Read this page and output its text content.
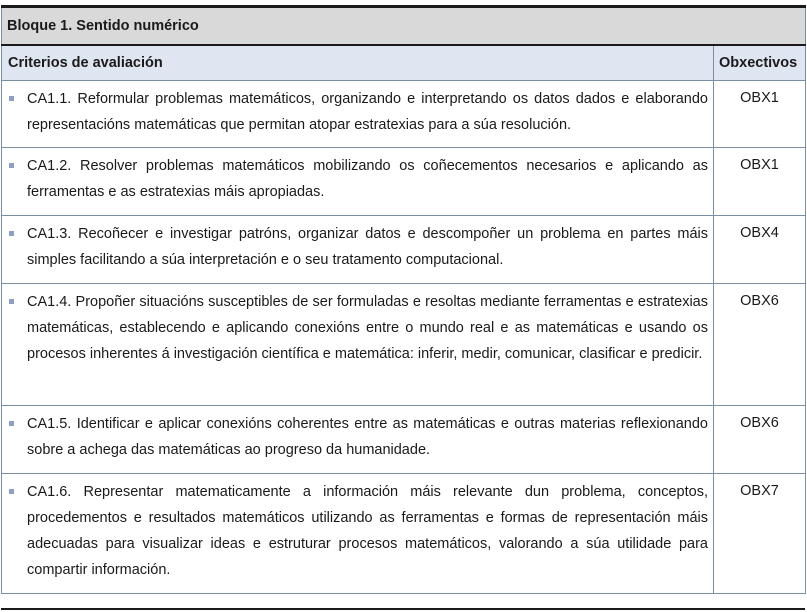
Bloque 1. Sentido numérico	
Criterios de avaliación	Obxectivos

CA1.1. Reformular problemas matemáticos, organizando e interpretando os datos dados e elaborando representacións matemáticas que permitan atopar estratexias para a súa resolución.	OBX1

CA1.2. Resolver problemas matemáticos mobilizando os coñecementos necesarios e aplicando as ferramentas e as estratexias máis apropiadas.	OBX1

CA1.3. Recoñecer e investigar patróns, organizar datos e descompoñer un problema en partes máis simples facilitando a súa interpretación e o seu tratamento computacional.	OBX4

CA1.4. Propoñer situacións susceptibles de ser formuladas e resoltas mediante ferramentas e estratexias matemáticas, establecendo e aplicando conexións entre o mundo real e as matemáticas e usando os procesos inherentes á investigación científica e matemática: inferir, medir, comunicar, clasificar e predicir.	OBX6

CA1.5. Identificar e aplicar conexións coherentes entre as matemáticas e outras materias reflexionando sobre a achega das matemáticas ao progreso da humanidade.	OBX6

CA1.6. Representar matematicamente a información máis relevante dun problema, conceptos, procedementos e resultados matemáticos utilizando as ferramentas e formas de representación máis adecuadas para visualizar ideas e estruturar procesos matemáticos, valorando a súa utilidade para compartir información.	OBX7
